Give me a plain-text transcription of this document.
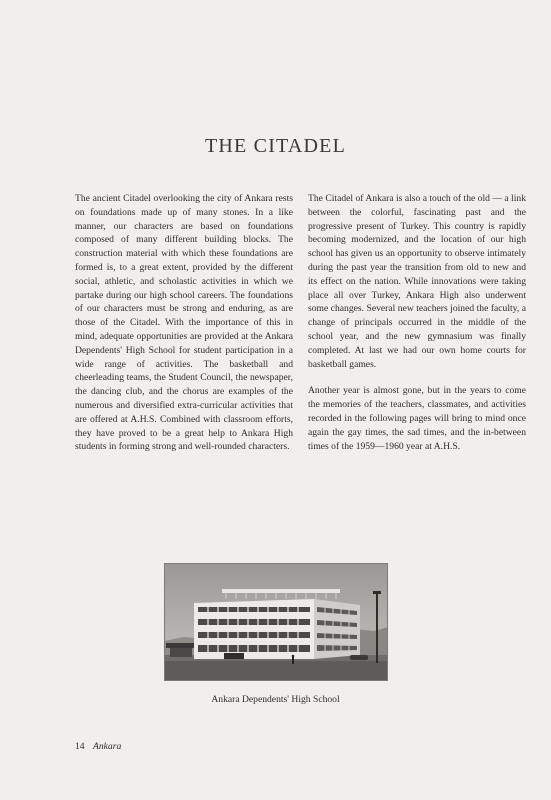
THE CITADEL

The ancient Citadel overlooking the city of Ankara rests on foundations made up of many stones. In a like manner, our characters are based on foundations composed of many different building blocks. The construction material with which these foundations are formed is, to a great extent, provided by the different social, athletic, and scholastic activities in which we partake during our high school careers. The foundations of our characters must be strong and enduring, as are those of the Citadel. With the importance of this in mind, adequate opportunities are provided at the Ankara Dependents' High School for student participation in a wide range of activities. The basketball and cheerleading teams, the Student Council, the newspaper, the dancing club, and the chorus are examples of the numerous and diversified extra-curricular activities that are offered at A.H.S. Combined with classroom efforts, they have proved to be a great help to Ankara High students in forming strong and well-rounded characters.

The Citadel of Ankara is also a touch of the old — a link between the colorful, fascinating past and the progressive present of Turkey. This country is rapidly becoming modernized, and the location of our high school has given us an opportunity to observe intimately during the past year the transition from old to new and its effect on the nation. While innovations were taking place all over Turkey, Ankara High also underwent some changes. Several new teachers joined the faculty, a change of principals occurred in the middle of the school year, and the new gymnasium was finally completed. At last we had our own home courts for basketball games.

Another year is almost gone, but in the years to come the memories of the teachers, classmates, and activities recorded in the following pages will bring to mind once again the gay times, the sad times, and the in-between times of the 1959—1960 year at A.H.S.

Ankara Dependents' High School
14 Ankara
